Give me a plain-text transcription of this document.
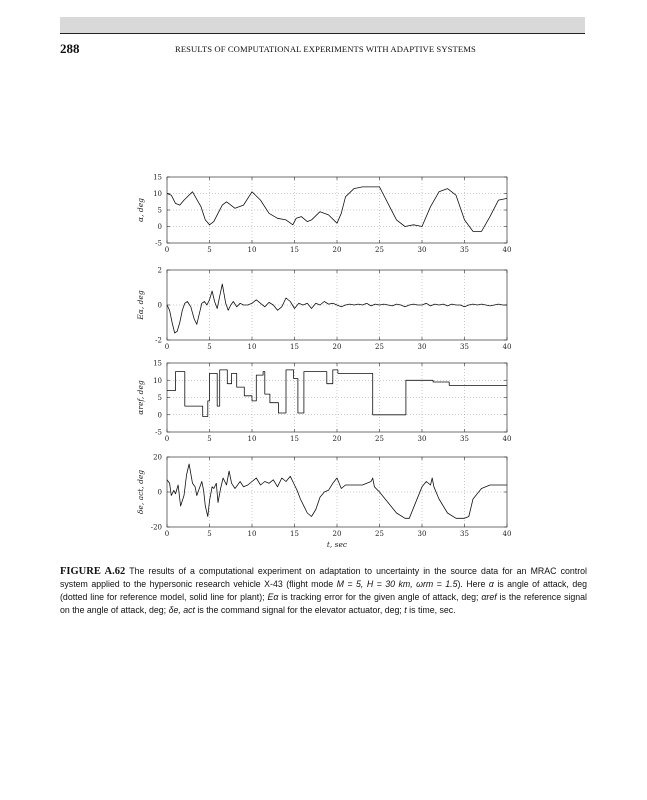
288	RESULTS OF COMPUTATIONAL EXPERIMENTS WITH ADAPTIVE SYSTEMS
0	5	10	15	20	25	30	35	40
15
10
5
0
-5
α, deg
0	5	10	15	20	25	30	35	40
2
0
-2
Eα, deg
0	5	10	15	20	25	30	35	40
15
10
5
0
-5
αref, deg
0	5	10	15	20	25	30	35	40
20
0
-20
δe, act, deg
t, sec
FIGURE A.62 The results of a computational experiment on adaptation to uncertainty in the source data for an MRAC control system applied to the hypersonic research vehicle X-43 (flight mode M = 5, H = 30 km, ωrm = 1.5). Here α is angle of attack, deg (dotted line for reference model, solid line for plant); Eα is tracking error for the given angle of attack, deg; αref is the reference signal on the angle of attack, deg; δe, act is the command signal for the elevator actuator, deg; t is time, sec.
